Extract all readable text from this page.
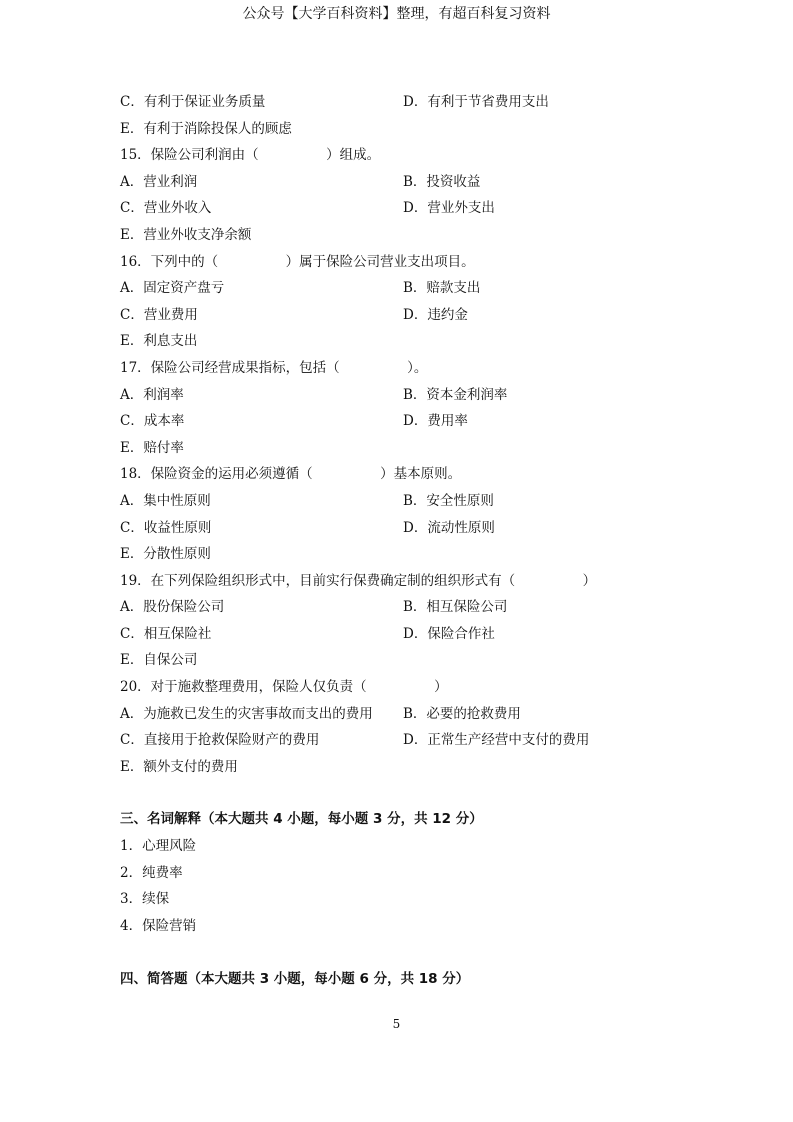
公众号【大学百科资料】整理，有超百科复习资料
C．有利于保证业务质量	D．有利于节省费用支出
E．有利于消除投保人的顾虑
15．保险公司利润由（　　　　　）组成。
A．营业利润	B．投资收益
C．营业外收入	D．营业外支出
E．营业外收支净余额
16．下列中的（　　　　　）属于保险公司营业支出项目。
A．固定资产盘亏	B．赔款支出
C．营业费用	D．违约金
E．利息支出
17．保险公司经营成果指标，包括（　　　　　）。
A．利润率	B．资本金利润率
C．成本率	D．费用率
E．赔付率
18．保险资金的运用必须遵循（　　　　　）基本原则。
A．集中性原则	B．安全性原则
C．收益性原则	D．流动性原则
E．分散性原则
19．在下列保险组织形式中，目前实行保费确定制的组织形式有（　　　　　）
A．股份保险公司	B．相互保险公司
C．相互保险社	D．保险合作社
E．自保公司
20．对于施救整理费用，保险人仅负责（　　　　　）
A．为施救已发生的灾害事故而支出的费用 B．必要的抢救费用
C．直接用于抢救保险财产的费用	D．正常生产经营中支付的费用
E．额外支付的费用
三、名词解释（本大题共 4 小题，每小题 3 分，共 12 分）
1．心理风险
2．纯费率
3．续保
4．保险营销
四、简答题（本大题共 3 小题，每小题 6 分，共 18 分）
5
